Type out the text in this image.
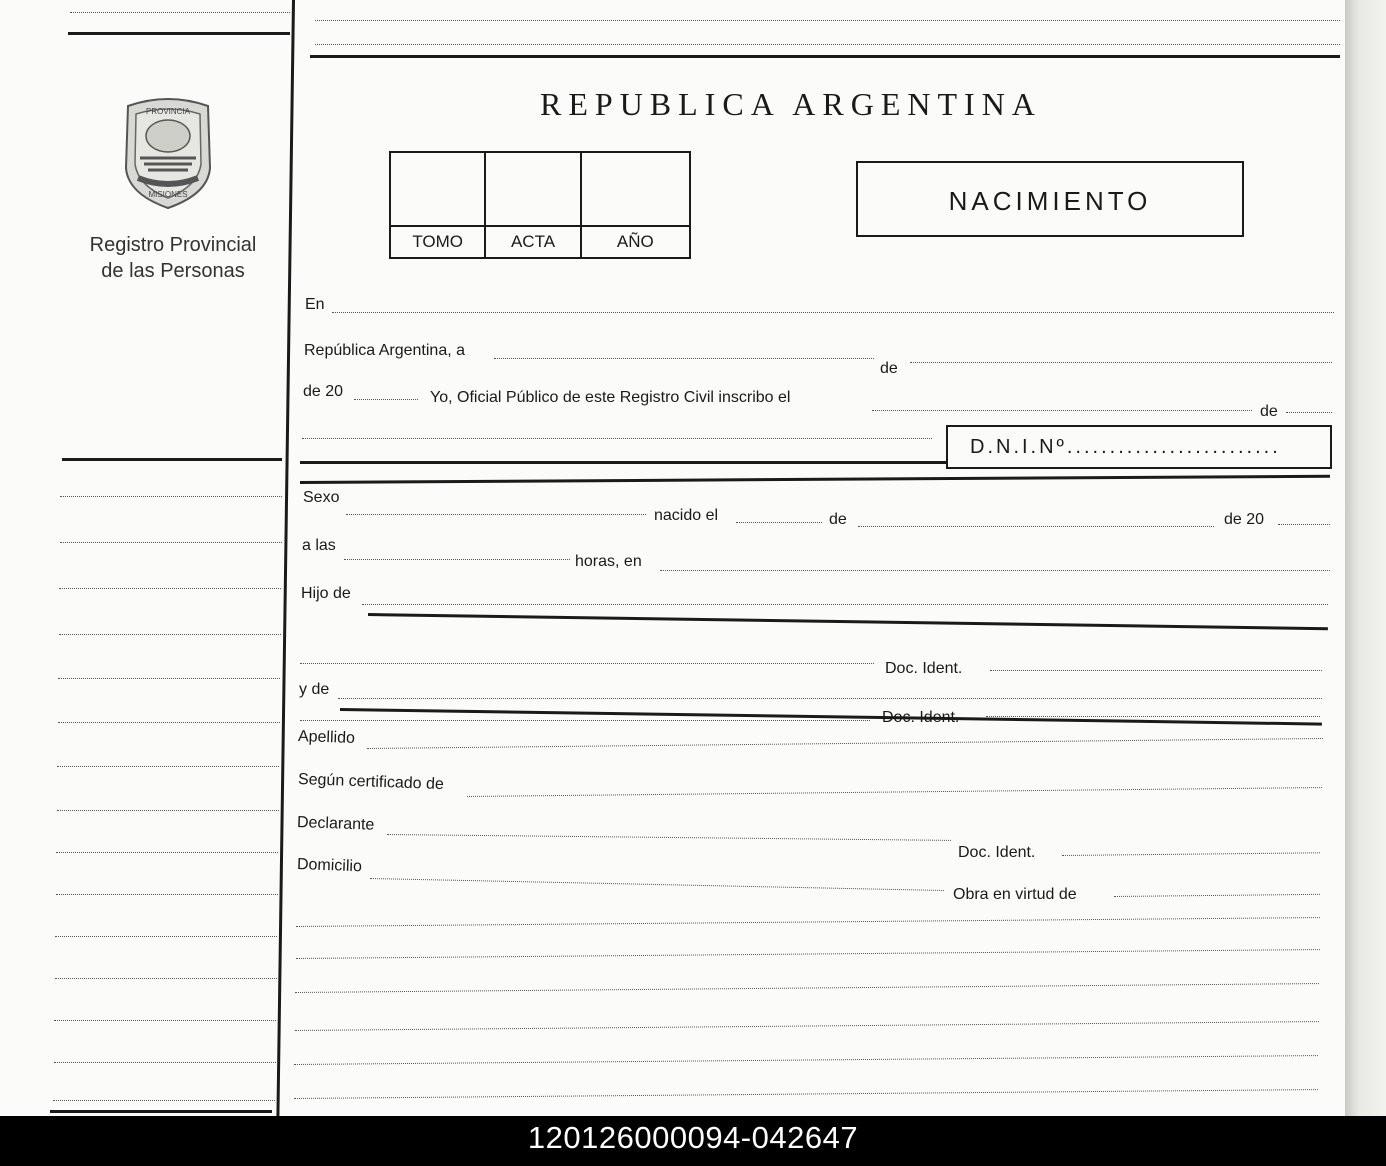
PROVINCIA
MISIONES
Registro Provincial
de las Personas
REPUBLICA ARGENTINA
TOMO	ACTA	AÑO
NACIMIENTO
En
República Argentina, a
de
de 20	Yo, Oficial Público de este Registro Civil inscribo el
de
D.N.I.Nº.........................
Sexo
nacido el	de	de 20
a las
horas, en
Hijo de
Doc. Ident.
y de
Doc. Ident.
Apellido
Según certificado de
Declarante
Doc. Ident.
Domicilio
Obra en virtud de
120126000094-042647
